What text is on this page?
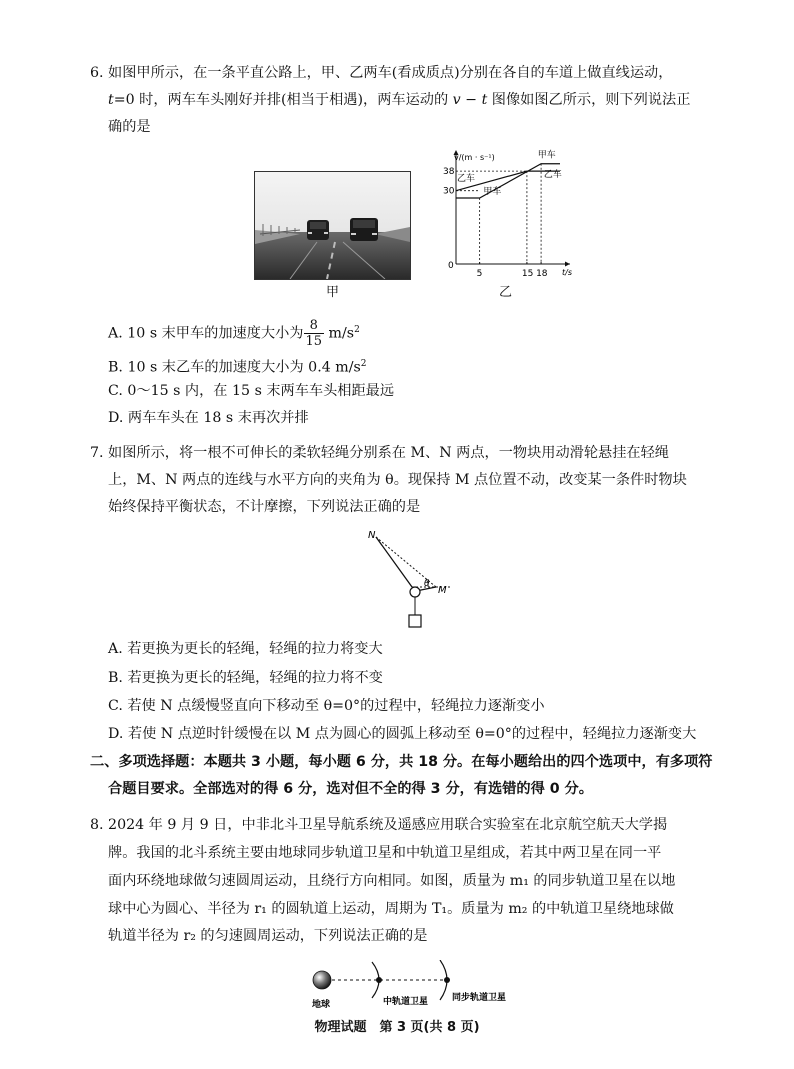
6. 如图甲所示，在一条平直公路上，甲、乙两车(看成质点)分别在各自的车道上做直线运动，
t=0 时，两车车头刚好并排(相当于相遇)，两车运动的 v − t 图像如图乙所示，则下列说法正
确的是
甲
v/(m · s⁻¹)
t/s
0
5	15 18
30
38
甲车
乙车	乙车
甲车
乙
A. 10 s 末甲车的加速度大小为 $\frac{8}{15} m/s^2$
B. 10 s 末乙车的加速度大小为 0.4 $m/s^2$
C. 0～15 s 内，在 15 s 末两车车头相距最远
D. 两车车头在 18 s 末再次并排
7. 如图所示，将一根不可伸长的柔软轻绳分别系在 M、N 两点，一物块用动滑轮悬挂在轻绳
上，M、N 两点的连线与水平方向的夹角为 θ。现保持 M 点位置不动，改变某一条件时物块
始终保持平衡状态，不计摩擦，下列说法正确的是
N
M
θ
A. 若更换为更长的轻绳，轻绳的拉力将变大
B. 若更换为更长的轻绳，轻绳的拉力将不变
C. 若使 N 点缓慢竖直向下移动至 θ=0°的过程中，轻绳拉力逐渐变小
D. 若使 N 点逆时针缓慢在以 M 点为圆心的圆弧上移动至 θ=0°的过程中，轻绳拉力逐渐变大
二、多项选择题：本题共 3 小题，每小题 6 分，共 18 分。在每小题给出的四个选项中，有多项符
合题目要求。全部选对的得 6 分，选对但不全的得 3 分，有选错的得 0 分。
8. 2024 年 9 月 9 日，中非北斗卫星导航系统及遥感应用联合实验室在北京航空航天大学揭
牌。我国的北斗系统主要由地球同步轨道卫星和中轨道卫星组成，若其中两卫星在同一平
面内环绕地球做匀速圆周运动，且绕行方向相同。如图，质量为 m₁ 的同步轨道卫星在以地
球中心为圆心、半径为 r₁ 的圆轨道上运动，周期为 T₁。质量为 m₂ 的中轨道卫星绕地球做
轨道半径为 r₂ 的匀速圆周运动，下列说法正确的是
地球	中轨道卫星	同步轨道卫星
物理试题　第 3 页(共 8 页)
